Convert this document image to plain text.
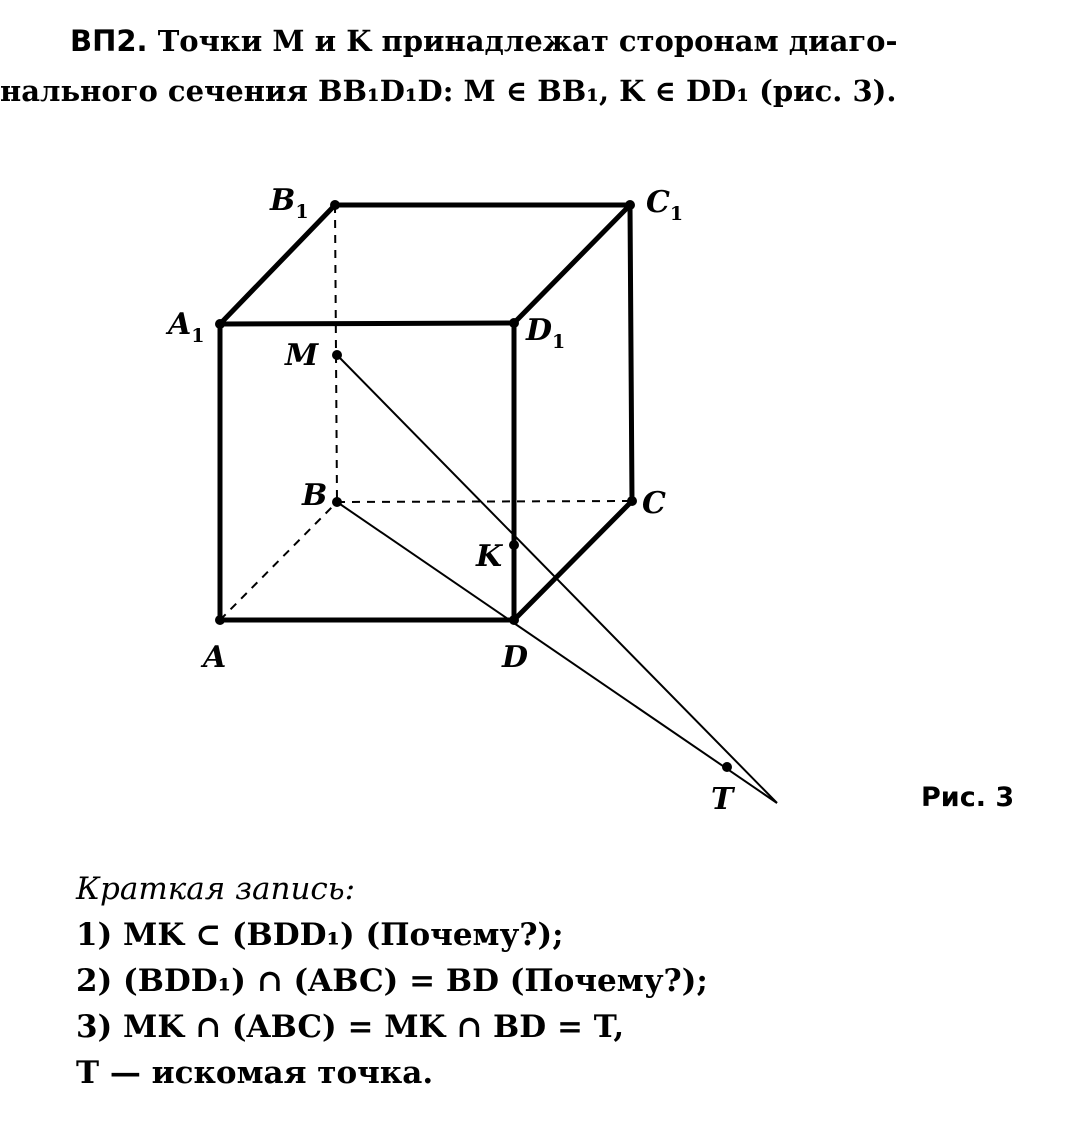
ВП2. Точки M и K принадлежат сторонам диаго-
нального сечения BB₁D₁D: M ∈ BB₁, K ∈ DD₁ (рис. 3).
$B_1$	$C_1$
$A_1$	$D_1$
M
B	C
K
A	D
T	Рис. 3
Краткая запись:
1) MK ⊂ (BDD₁) (Почему?);
2) (BDD₁) ∩ (ABC) = BD (Почему?);
3) MK ∩ (ABC) = MK ∩ BD = T,
T — искомая точка.
